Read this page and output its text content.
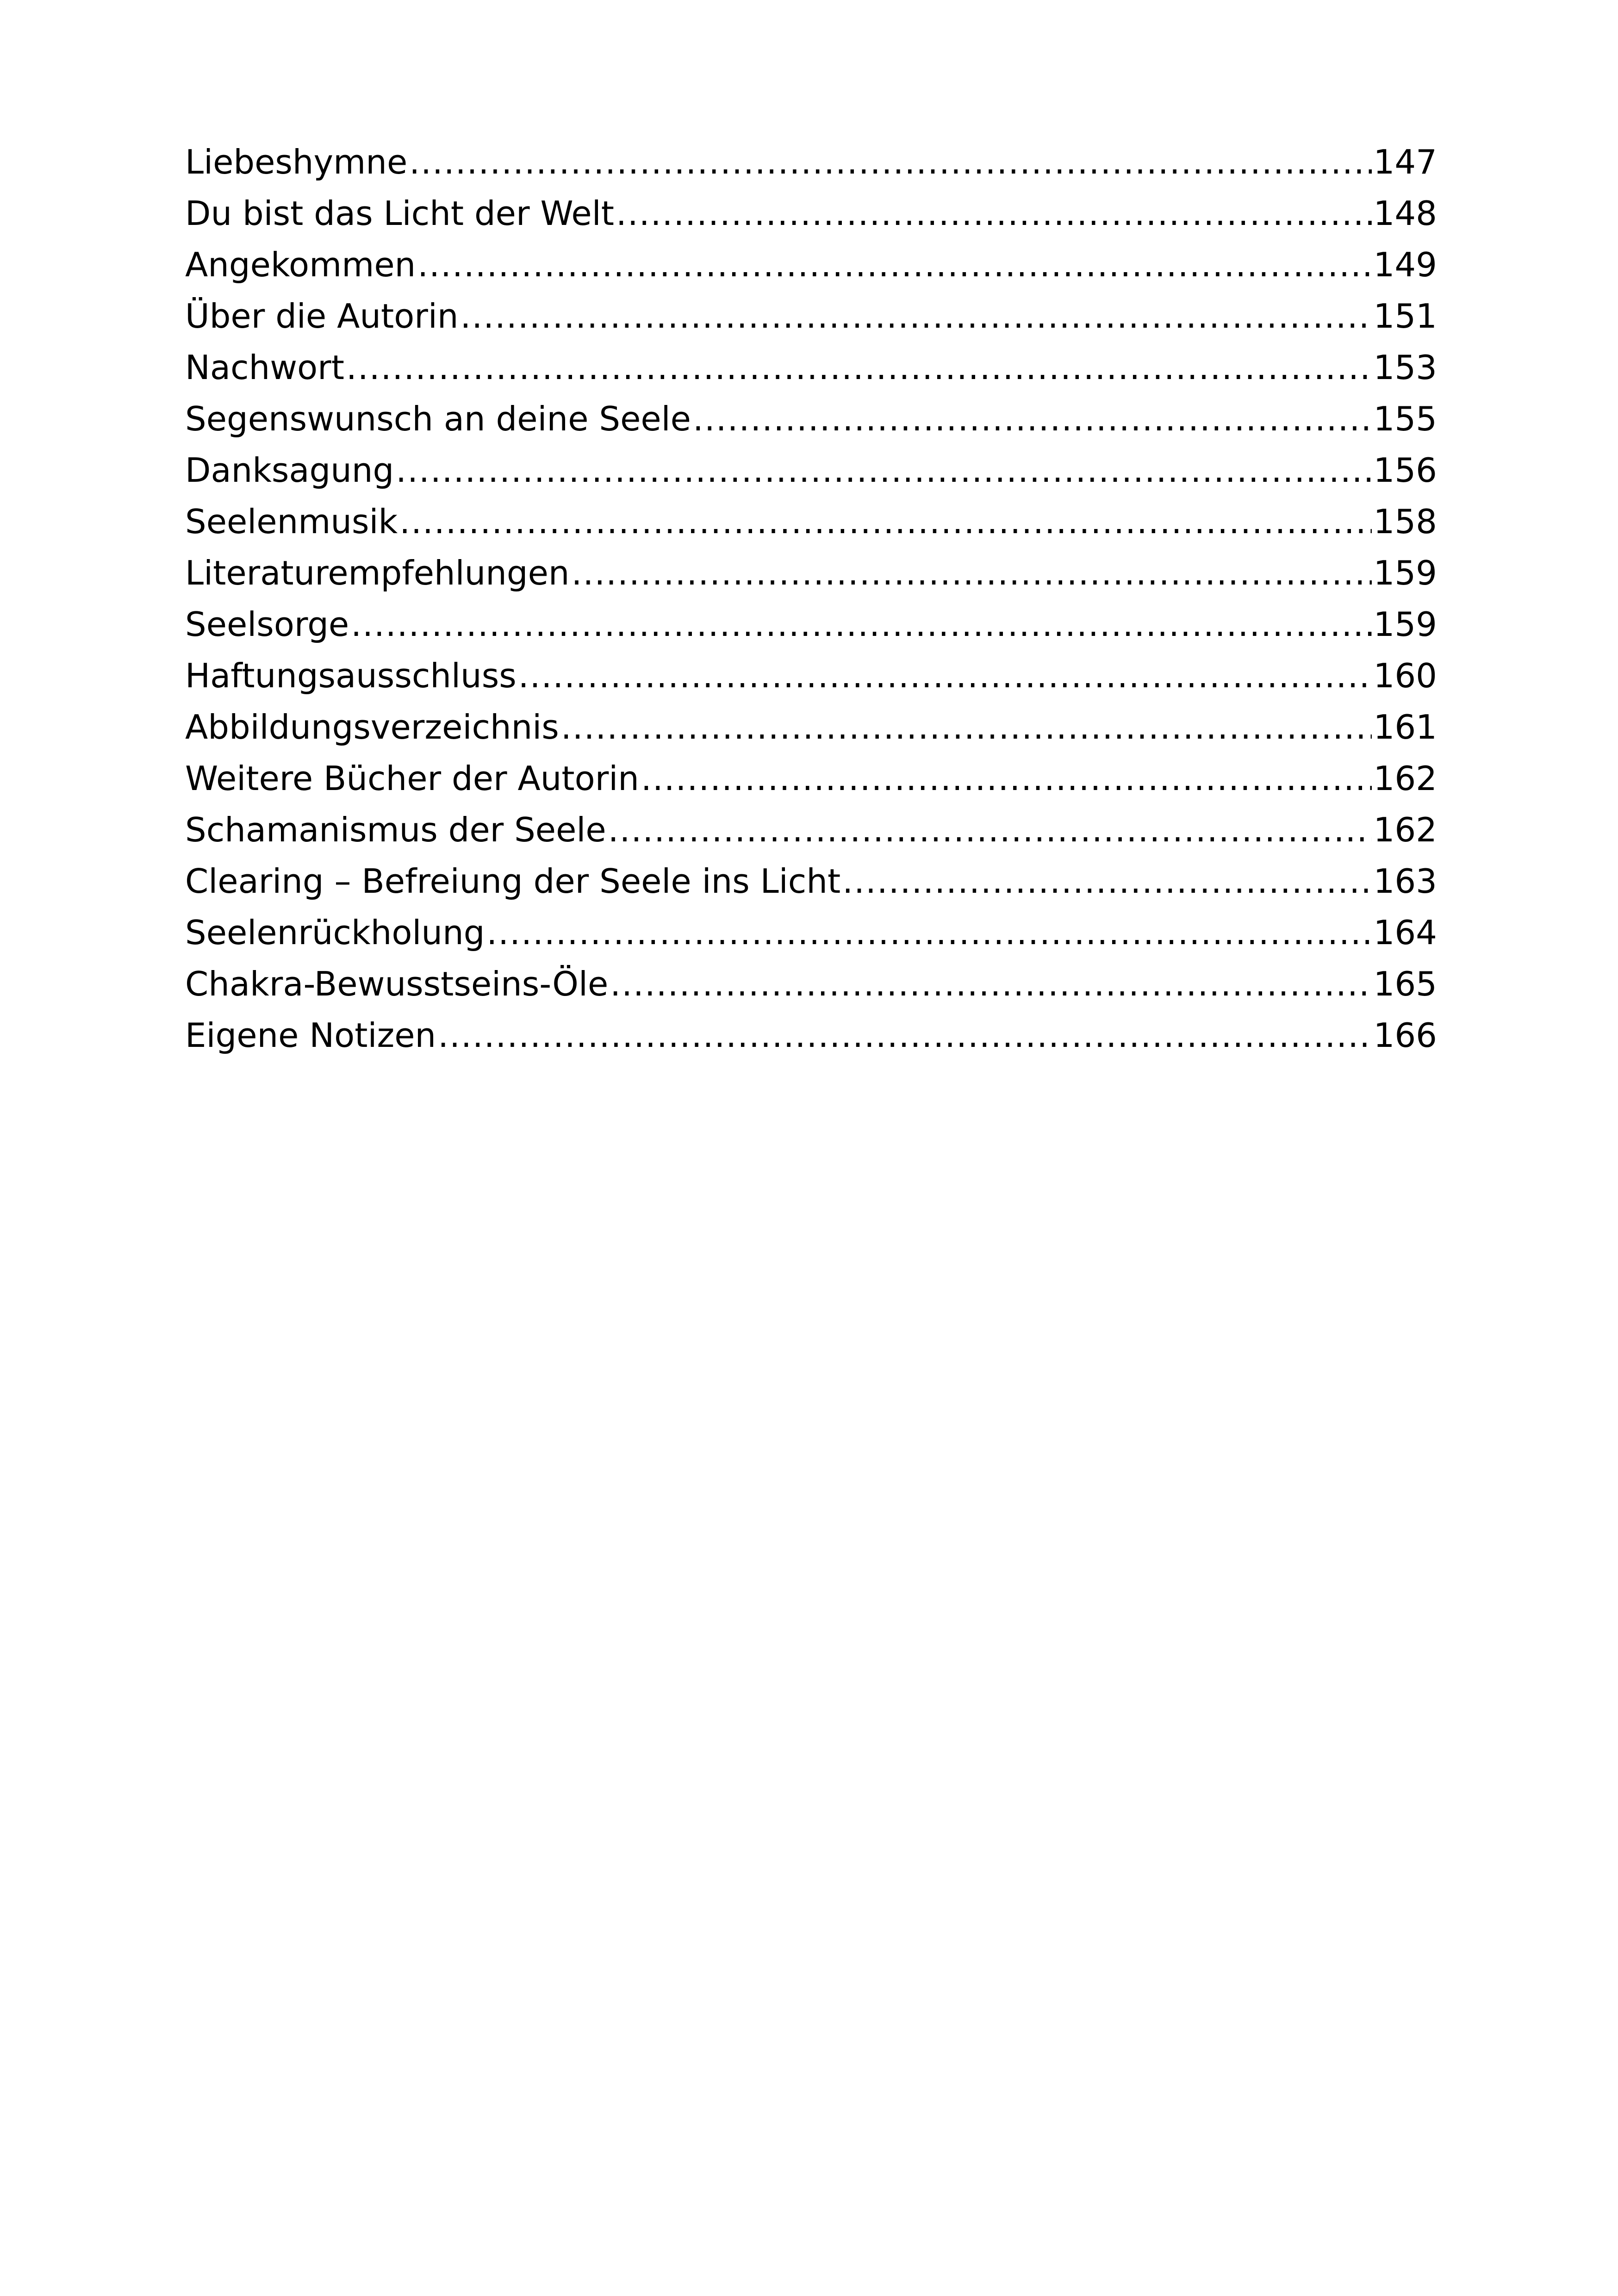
Liebeshymne .....	147
Du bist das Licht der Welt .....	148
Angekommen .....	149
Über die Autorin .....	151
Nachwort .....	153
Segenswunsch an deine Seele .....	155
Danksagung .....	156
Seelenmusik .....	158
Literaturempfehlungen .....	159
Seelsorge .....	159
Haftungsausschluss .....	160
Abbildungsverzeichnis .....	161
Weitere Bücher der Autorin .....	162
Schamanismus der Seele .....	162
Clearing – Befreiung der Seele ins Licht .....	163
Seelenrückholung .....	164
Chakra-Bewusstseins-Öle .....	165
Eigene Notizen .....	166
